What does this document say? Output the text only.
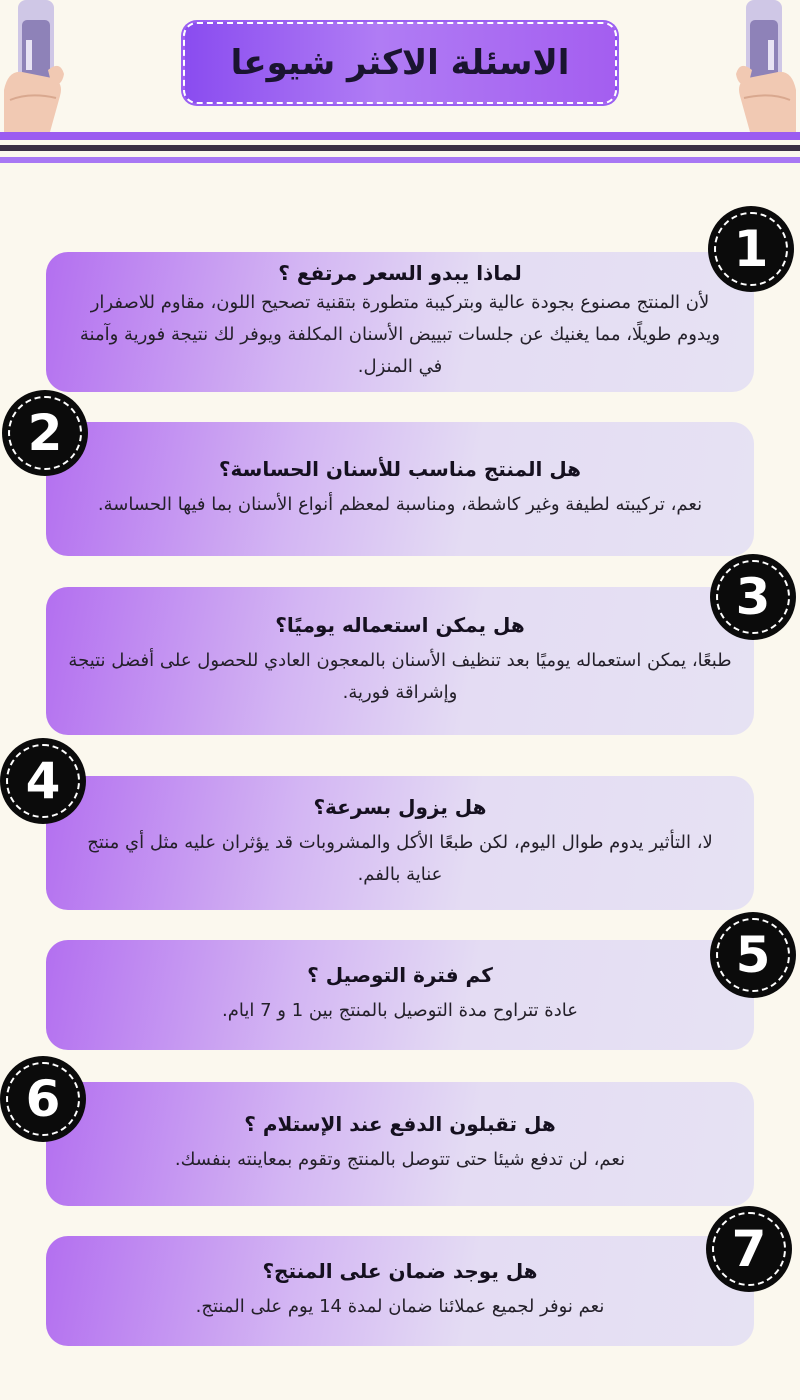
الاسئلة الاكثر شيوعا

لماذا يبدو السعر مرتفع ؟

لأن المنتج مصنوع بجودة عالية وبتركيبة متطورة بتقنية تصحيح اللون، مقاوم للاصفرار ويدوم طويلًا، مما يغنيك عن جلسات تبييض الأسنان المكلفة ويوفر لك نتيجة فورية وآمنة في المنزل.

1

هل المنتج مناسب للأسنان الحساسة؟

نعم، تركيبته لطيفة وغير كاشطة، ومناسبة لمعظم أنواع الأسنان بما فيها الحساسة.

2

هل يمكن استعماله يوميًا؟

طبعًا، يمكن استعماله يوميًا بعد تنظيف الأسنان بالمعجون العادي للحصول على أفضل نتيجة وإشراقة فورية.

3

هل يزول بسرعة؟

لا، التأثير يدوم طوال اليوم، لكن طبعًا الأكل والمشروبات قد يؤثران عليه مثل أي منتج عناية بالفم.

4

كم فترة التوصيل ؟

عادة تتراوح مدة التوصيل بالمنتج بين 1 و 7 ايام.

5

هل تقبلون الدفع عند الإستلام ؟

نعم، لن تدفع شيئا حتى تتوصل بالمنتج وتقوم بمعاينته بنفسك.

6

هل يوجد ضمان على المنتج؟

نعم نوفر لجميع عملائنا ضمان لمدة 14 يوم على المنتج.

7
